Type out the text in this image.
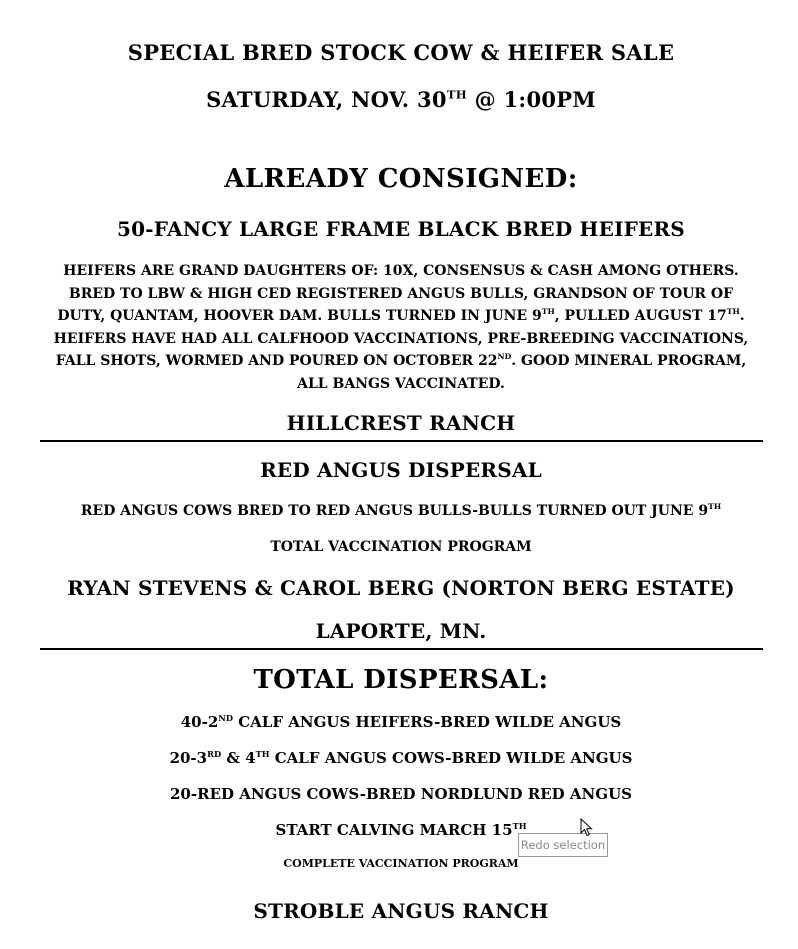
SPECIAL BRED STOCK COW & HEIFER SALE
SATURDAY, NOV. 30TH @ 1:00PM
ALREADY CONSIGNED:
50-FANCY LARGE FRAME BLACK BRED HEIFERS
HEIFERS ARE GRAND DAUGHTERS OF: 10X, CONSENSUS & CASH AMONG OTHERS. BRED TO LBW & HIGH CED REGISTERED ANGUS BULLS, GRANDSON OF TOUR OF DUTY, QUANTAM, HOOVER DAM. BULLS TURNED IN JUNE 9TH, PULLED AUGUST 17TH. HEIFERS HAVE HAD ALL CALFHOOD VACCINATIONS, PRE-BREEDING VACCINATIONS, FALL SHOTS, WORMED AND POURED ON OCTOBER 22ND. GOOD MINERAL PROGRAM, ALL BANGS VACCINATED.
HILLCREST RANCH
RED ANGUS DISPERSAL
RED ANGUS COWS BRED TO RED ANGUS BULLS-BULLS TURNED OUT JUNE 9TH
TOTAL VACCINATION PROGRAM
RYAN STEVENS & CAROL BERG (NORTON BERG ESTATE)
LAPORTE, MN.
TOTAL DISPERSAL:
40-2ND CALF ANGUS HEIFERS-BRED WILDE ANGUS
20-3RD & 4TH CALF ANGUS COWS-BRED WILDE ANGUS
20-RED ANGUS COWS-BRED NORDLUND RED ANGUS
START CALVING MARCH 15TH
COMPLETE VACCINATION PROGRAM
STROBLE ANGUS RANCH
Redo selection
